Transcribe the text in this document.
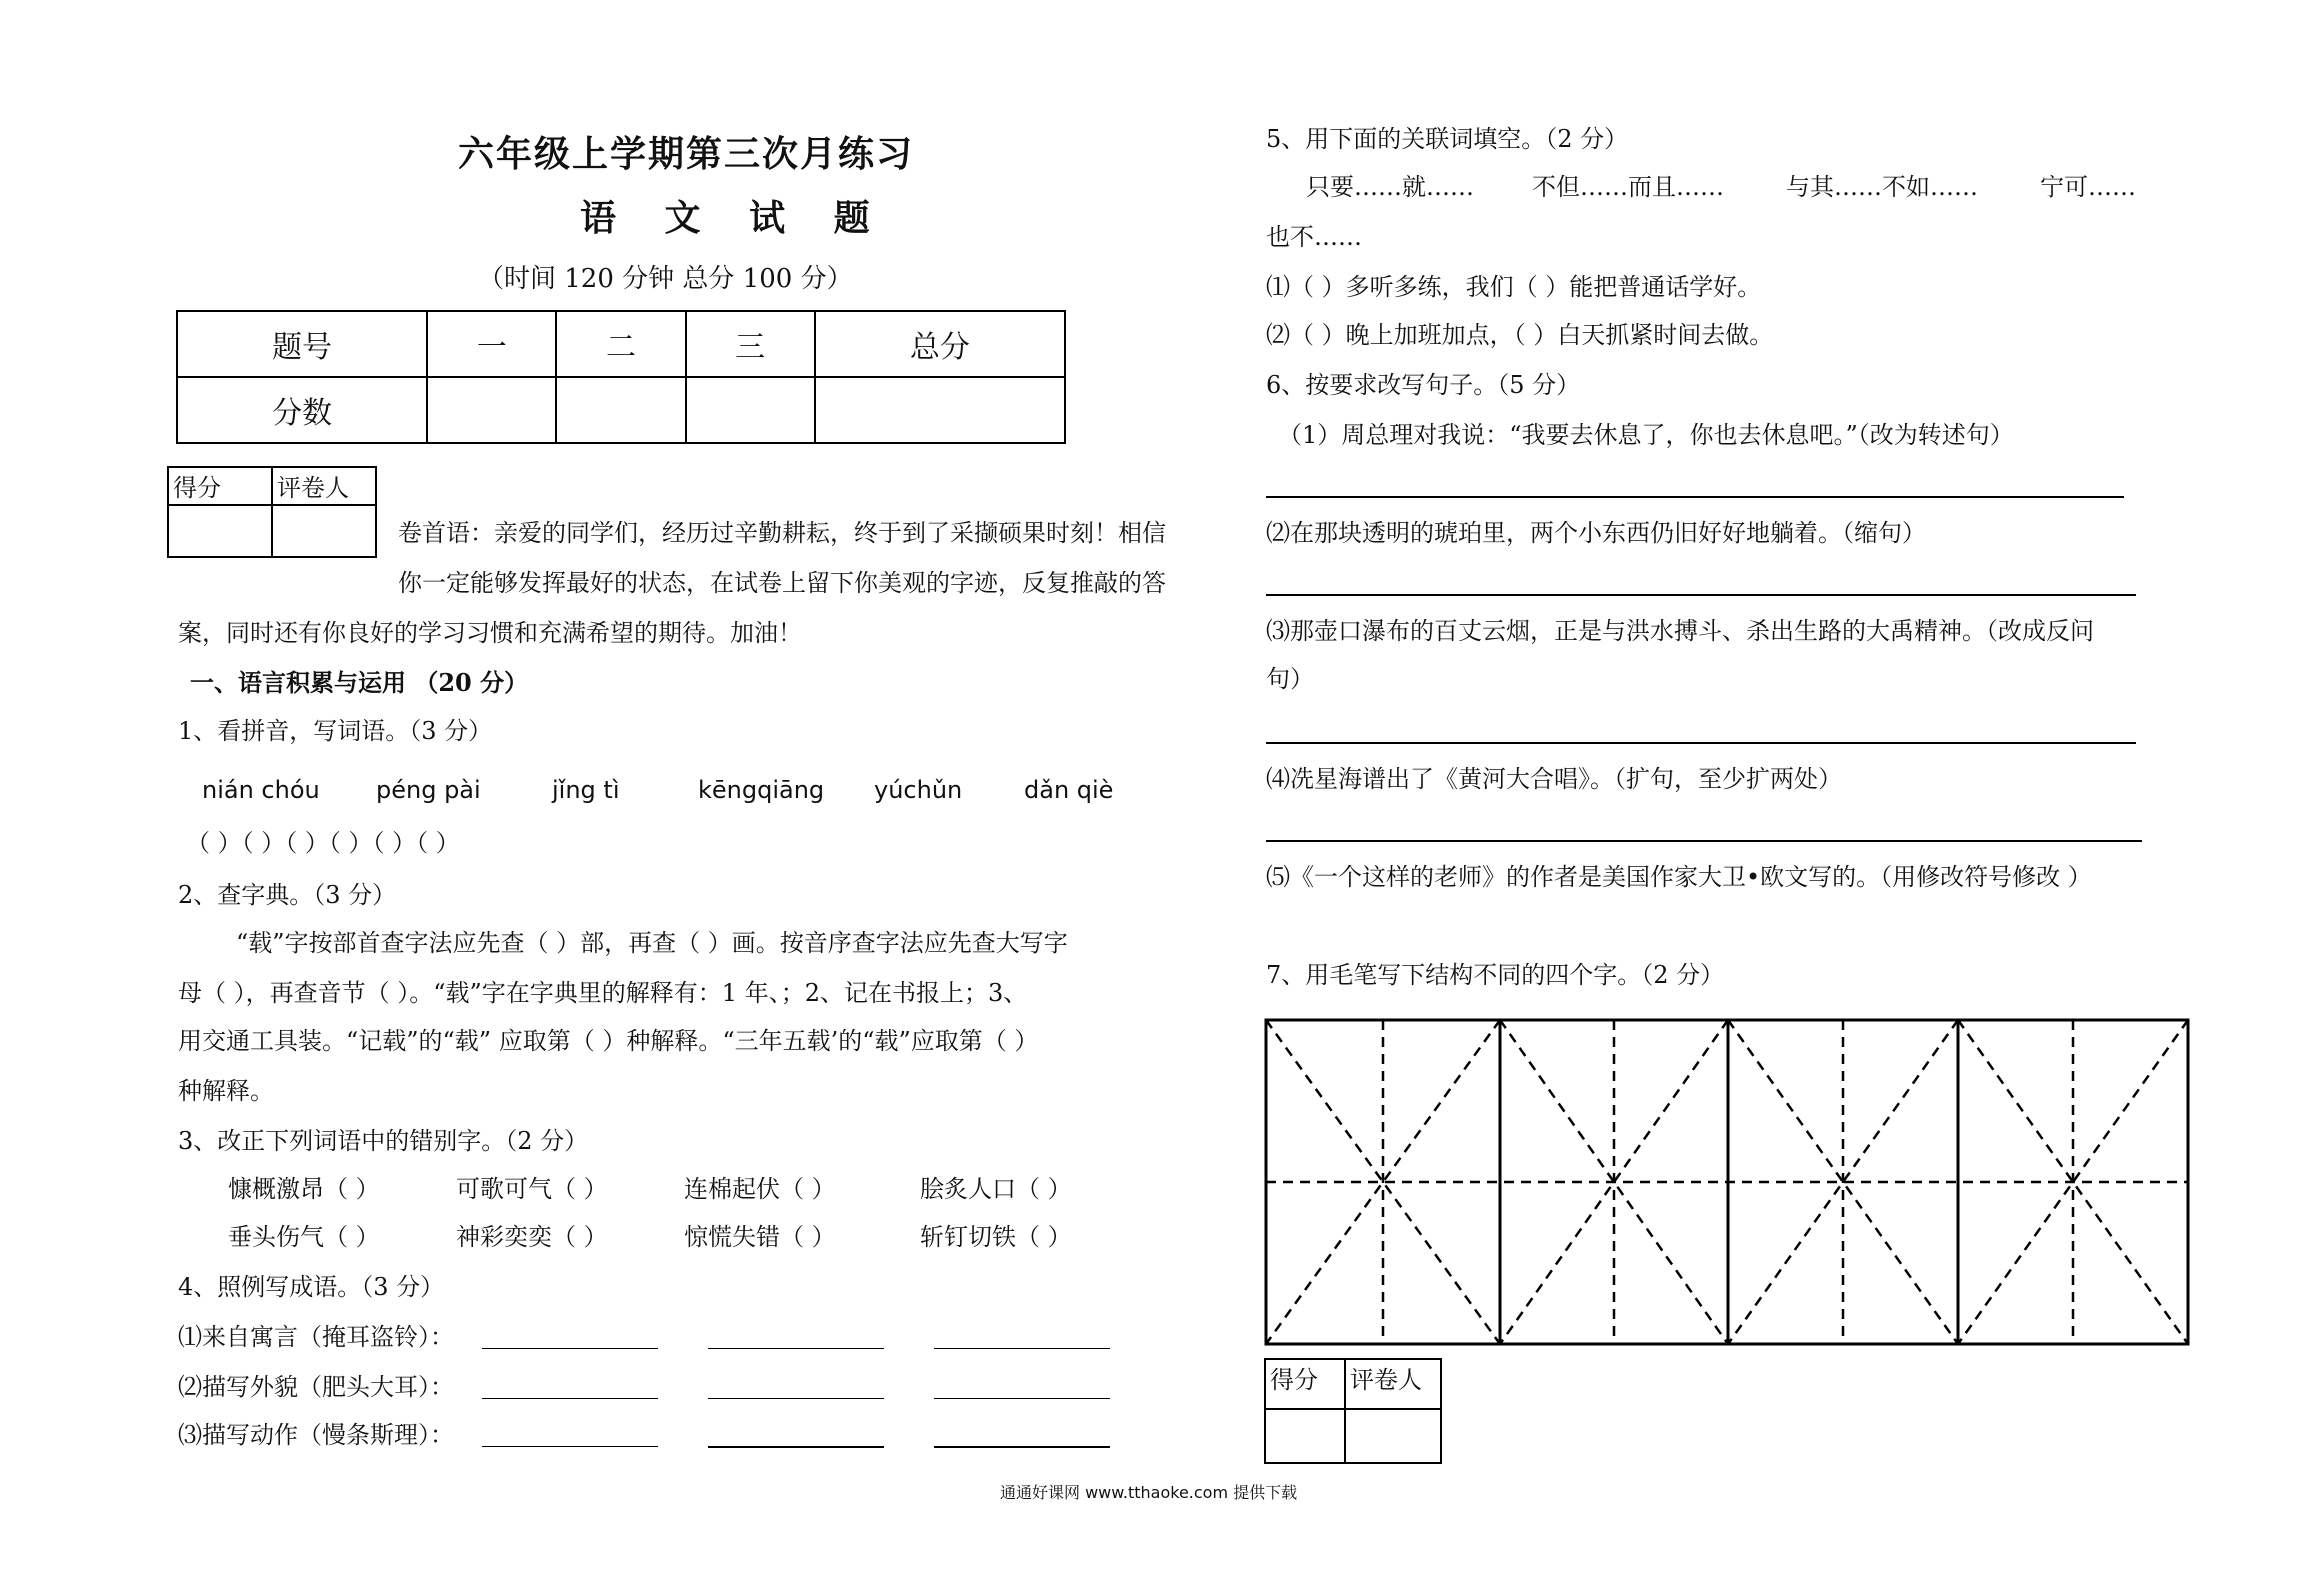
六年级上学期第三次月练习
语 文 试 题
（时间 120 分钟 总分 100 分）
题号	一	二	三	总分
分数				
得分	评卷人

卷首语：亲爱的同学们，经历过辛勤耕耘，终于到了采撷硕果时刻！相信
你一定能够发挥最好的状态，在试卷上留下你美观的字迹，反复推敲的答
案，同时还有你良好的学习习惯和充满希望的期待。加油！
一、语言积累与运用 （20 分）
1、看拼音，写词语。（3 分）
nián chóu péng pài	jǐng tì	kēngqiāng yúchǔn	dǎn qiè
（ ）（ ）（ ）（ ）（ ）（ ）
2、查字典。（3 分）
“载”字按部首查字法应先查（ ）部，再查（ ）画。按音序查字法应先查大写字
母（ ），再查音节（ ）。“载”字在字典里的解释有：1 年、；2、记在书报上；3、
用交通工具装。“记载”的“载” 应取第（ ）种解释。“三年五载’的“载”应取第（ ）
种解释。
3、改正下列词语中的错别字。（2 分）
慷概激昂（ ）	可歌可气（ ）	连棉起伏（ ）	脍炙人口（ ）
垂头伤气（ ）	神彩奕奕（ ）	惊慌失错（ ）	斩钉切铁（ ）
4、照例写成语。（3 分）
⑴来自寓言（掩耳盗铃）：
⑵描写外貌（肥头大耳）：
⑶描写动作（慢条斯理）：
5、用下面的关联词填空。（2 分）
只要……就…… 不但……而且……	与其……不如……	宁可……
也不……
⑴（ ）多听多练，我们（ ）能把普通话学好。
⑵（ ）晚上加班加点，（ ）白天抓紧时间去做。
6、按要求改写句子。（5 分）
（1）周总理对我说：“我要去休息了，你也去休息吧。”（改为转述句）
⑵在那块透明的琥珀里，两个小东西仍旧好好地躺着。（缩句）
⑶那壶口瀑布的百丈云烟，正是与洪水搏斗、杀出生路的大禹精神。（改成反问
句）
⑷冼星海谱出了《黄河大合唱》。（扩句，至少扩两处）
⑸《一个这样的老师》的作者是美国作家大卫•欧文写的。（用修改符号修改 ）
7、用毛笔写下结构不同的四个字。（2 分）
得分	评卷人

通通好课网 www.tthaoke.com 提供下载
